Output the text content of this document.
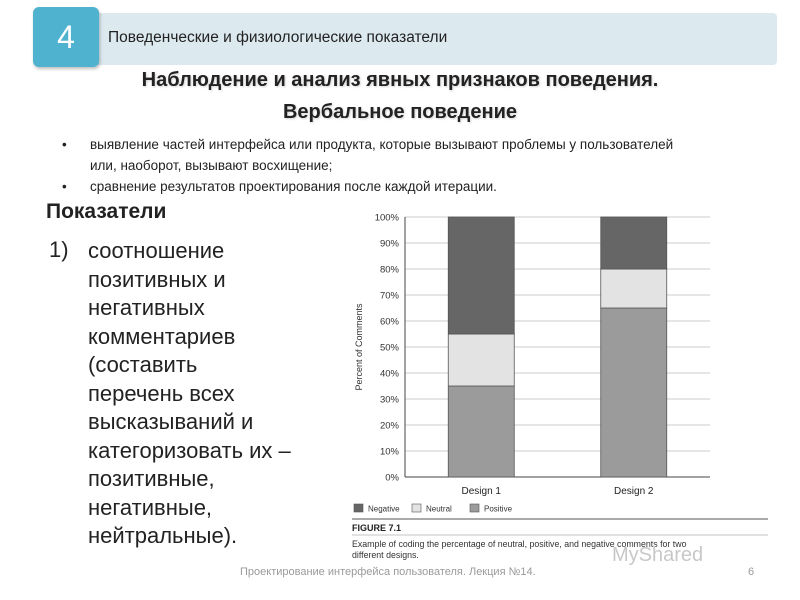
4	Поведенческие и физиологические показатели
Наблюдение и анализ явных признаков поведения.
Вербальное поведение
•	выявление частей интерфейса или продукта, которые вызывают проблемы у пользователей или, наоборот, вызывают восхищение;
•	сравнение результатов проектирования после каждой итерации.
Показатели
1) соотношение позитивных и негативных комментариев (составить перечень всех высказываний и категоризовать их – позитивные, негативные, нейтральные).
0%
10%
20%
30%
40%
50%
60%
70%
80%
90%
100%
Percent of Comments
Design 1	Design 2
Negative	Neutral	Positive
FIGURE 7.1
Example of coding the percentage of neutral, positive, and negative comments for two different designs.	MyShared
Проектирование интерфейса пользователя. Лекция №14.	6
